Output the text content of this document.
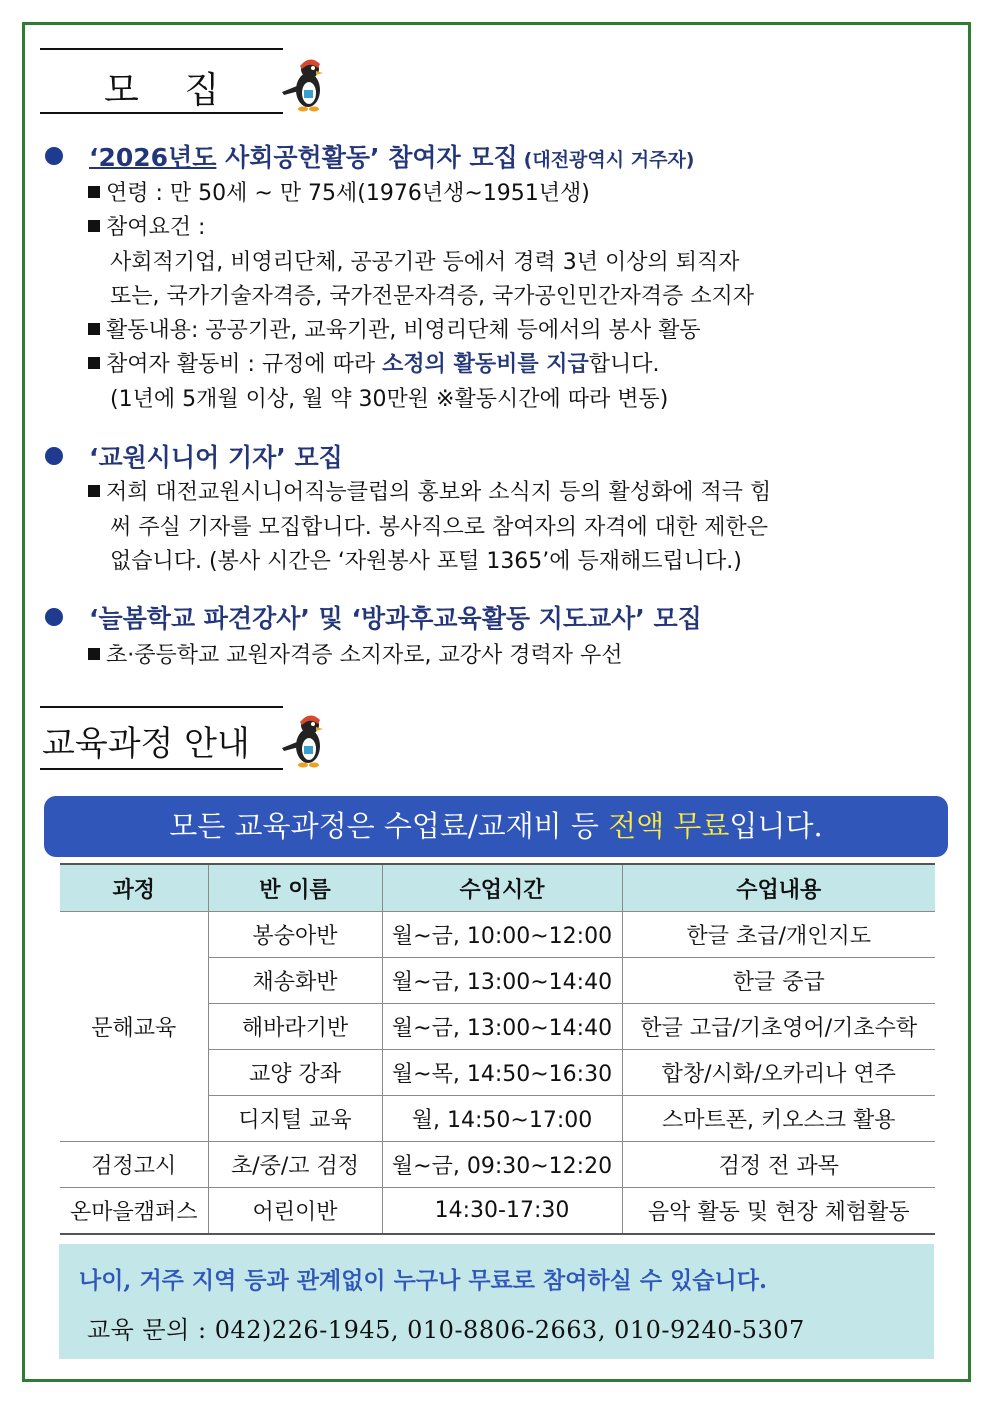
모    집
‘2026년도 사회공헌활동’ 참여자 모집 (대전광역시 거주자)
연령 : 만 50세 ~ 만 75세(1976년생~1951년생)
참여요건 :
사회적기업, 비영리단체, 공공기관 등에서 경력 3년 이상의 퇴직자
또는, 국가기술자격증, 국가전문자격증, 국가공인민간자격증 소지자
활동내용: 공공기관, 교육기관, 비영리단체 등에서의 봉사 활동
참여자 활동비 : 규정에 따라 소정의 활동비를 지급합니다.
(1년에 5개월 이상, 월 약 30만원 ※활동시간에 따라 변동)
‘교원시니어 기자’ 모집
저희 대전교원시니어직능클럽의 홍보와 소식지 등의 활성화에 적극 힘
써 주실 기자를 모집합니다. 봉사직으로 참여자의 자격에 대한 제한은
없습니다. (봉사 시간은 ‘자원봉사 포털 1365’에 등재해드립니다.)
‘늘봄학교 파견강사’ 및 ‘방과후교육활동 지도교사’ 모집
초·중등학교 교원자격증 소지자로, 교강사 경력자 우선
교육과정 안내
모든 교육과정은 수업료/교재비 등 전액 무료입니다.
과정	반 이름	수업시간	수업내용
문해교육	봉숭아반	월~금, 10:00~12:00	한글 초급/개인지도
	채송화반	월~금, 13:00~14:40	한글 중급
	해바라기반	월~금, 13:00~14:40	한글 고급/기초영어/기초수학
	교양 강좌	월~목, 14:50~16:30	합창/시화/오카리나 연주
	디지털 교육	월, 14:50~17:00	스마트폰, 키오스크 활용
검정고시	초/중/고 검정	월~금, 09:30~12:20	검정 전 과목
온마을캠퍼스	어린이반	14:30-17:30	음악 활동 및 현장 체험활동
나이, 거주 지역 등과 관계없이 누구나 무료로 참여하실 수 있습니다.
교육 문의 : 042)226-1945, 010-8806-2663, 010-9240-5307
